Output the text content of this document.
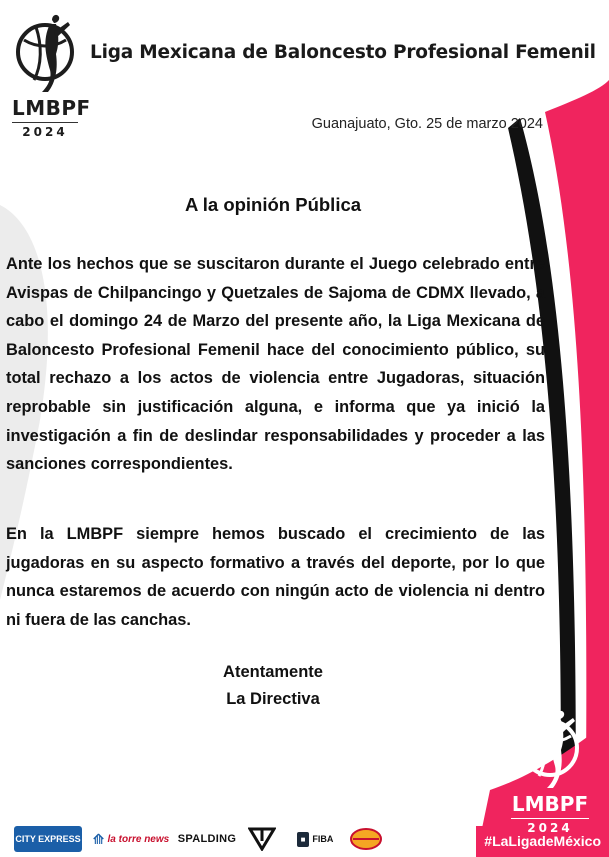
LMBPF
2024
Liga Mexicana de Baloncesto Profesional Femenil
Guanajuato, Gto. 25 de marzo 2024
A la opinión Pública
Ante los hechos que se suscitaron durante el Juego celebrado entre Avispas de Chilpancingo y Quetzales de Sajoma de CDMX llevado, a cabo el domingo 24 de Marzo del presente año, la Liga Mexicana de Baloncesto Profesional Femenil hace del conocimiento público, su total rechazo a los actos de violencia entre Jugadoras, situación reprobable sin justificación alguna, e informa que ya inició la investigación a fin de deslindar responsabilidades y proceder a las sanciones correspondientes.
En la LMBPF siempre hemos buscado el crecimiento de las jugadoras en su aspecto formativo a través del deporte, por lo que nunca estaremos de acuerdo con ningún acto de violencia ni dentro ni fuera de las canchas.
Atentamente
La Directiva
LMBPF
2024
#LaLigadeMéxico
CITY EXPRESS ⟰ la torre news SPALDING	■ FIBA
